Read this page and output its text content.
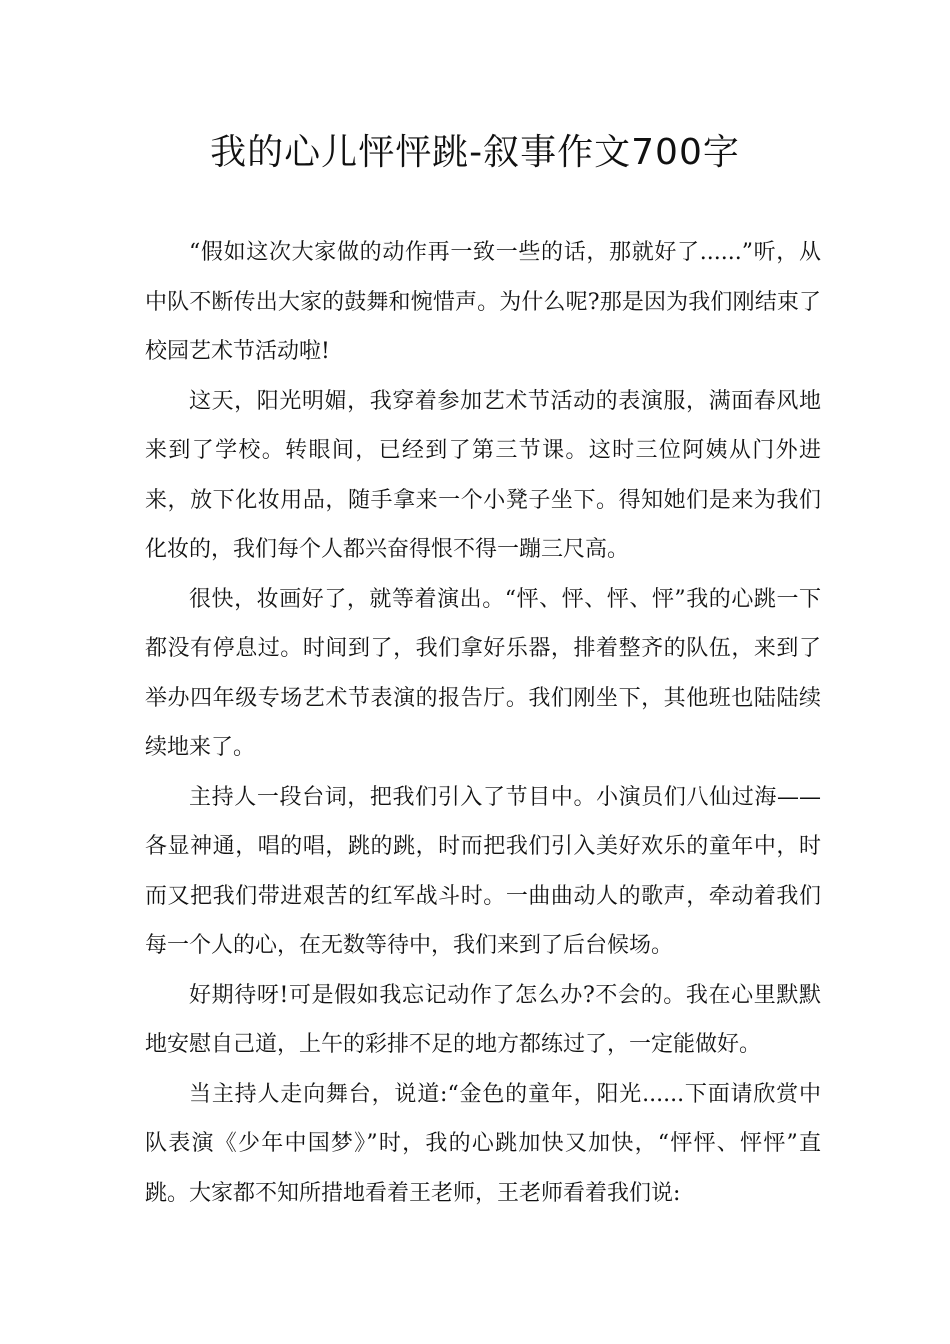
我的心儿怦怦跳-叙事作文700字

“假如这次大家做的动作再一致一些的话，那就好了......”听，从中队不断传出大家的鼓舞和惋惜声。为什么呢?那是因为我们刚结束了校园艺术节活动啦!

这天，阳光明媚，我穿着参加艺术节活动的表演服，满面春风地来到了学校。转眼间，已经到了第三节课。这时三位阿姨从门外进来，放下化妆用品，随手拿来一个小凳子坐下。得知她们是来为我们化妆的，我们每个人都兴奋得恨不得一蹦三尺高。

很快，妆画好了，就等着演出。“怦、怦、怦、怦”我的心跳一下都没有停息过。时间到了，我们拿好乐器，排着整齐的队伍，来到了举办四年级专场艺术节表演的报告厅。我们刚坐下，其他班也陆陆续续地来了。

主持人一段台词，把我们引入了节目中。小演员们八仙过海——各显神通，唱的唱，跳的跳，时而把我们引入美好欢乐的童年中，时而又把我们带进艰苦的红军战斗时。一曲曲动人的歌声，牵动着我们每一个人的心，在无数等待中，我们来到了后台候场。

好期待呀!可是假如我忘记动作了怎么办?不会的。我在心里默默地安慰自己道，上午的彩排不足的地方都练过了，一定能做好。

当主持人走向舞台，说道:“金色的童年，阳光......下面请欣赏中队表演《少年中国梦》”时，我的心跳加快又加快，“怦怦、怦怦”直跳。大家都不知所措地看着王老师，王老师看着我们说:
